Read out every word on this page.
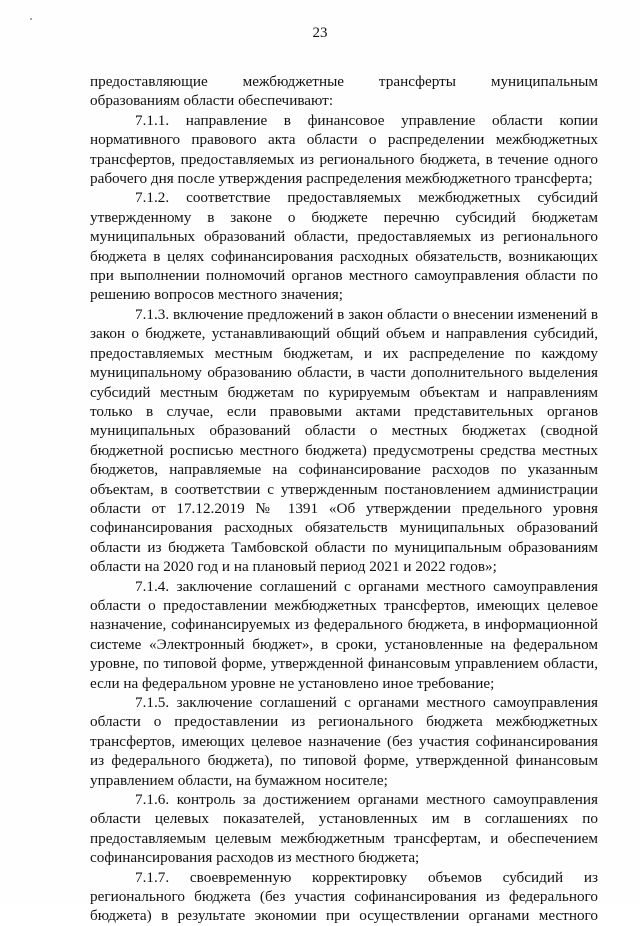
23

предоставляющие межбюджетные трансферты муниципальным образованиям области обеспечивают:

7.1.1. направление в финансовое управление области копии нормативного правового акта области о распределении межбюджетных трансфертов, предоставляемых из регионального бюджета, в течение одного рабочего дня после утверждения распределения межбюджетного трансферта;

7.1.2. соответствие предоставляемых межбюджетных субсидий утвержденному в законе о бюджете перечню субсидий бюджетам муниципальных образований области, предоставляемых из регионального бюджета в целях софинансирования расходных обязательств, возникающих при выполнении полномочий органов местного самоуправления области по решению вопросов местного значения;

7.1.3. включение предложений в закон области о внесении изменений в закон о бюджете, устанавливающий общий объем и направления субсидий, предоставляемых местным бюджетам, и их распределение по каждому муниципальному образованию области, в части дополнительного выделения субсидий местным бюджетам по курируемым объектам и направлениям только в случае, если правовыми актами представительных органов муниципальных образований области о местных бюджетах (сводной бюджетной росписью местного бюджета) предусмотрены средства местных бюджетов, направляемые на софинансирование расходов по указанным объектам, в соответствии с утвержденным постановлением администрации области от 17.12.2019 № 1391 «Об утверждении предельного уровня софинансирования расходных обязательств муниципальных образований области из бюджета Тамбовской области по муниципальным образованиям области на 2020 год и на плановый период 2021 и 2022 годов»;

7.1.4. заключение соглашений с органами местного самоуправления области о предоставлении межбюджетных трансфертов, имеющих целевое назначение, софинансируемых из федерального бюджета, в информационной системе «Электронный бюджет», в сроки, установленные на федеральном уровне, по типовой форме, утвержденной финансовым управлением области, если на федеральном уровне не установлено иное требование;

7.1.5. заключение соглашений с органами местного самоуправления области о предоставлении из регионального бюджета межбюджетных трансфертов, имеющих целевое назначение (без участия софинансирования из федерального бюджета), по типовой форме, утвержденной финансовым управлением области, на бумажном носителе;

7.1.6. контроль за достижением органами местного самоуправления области целевых показателей, установленных им в соглашениях по предоставляемым целевым межбюджетным трансфертам, и обеспечением софинансирования расходов из местного бюджета;

7.1.7. своевременную корректировку объемов субсидий из регионального бюджета (без участия софинансирования из федерального бюджета) в результате экономии при осуществлении органами местного
